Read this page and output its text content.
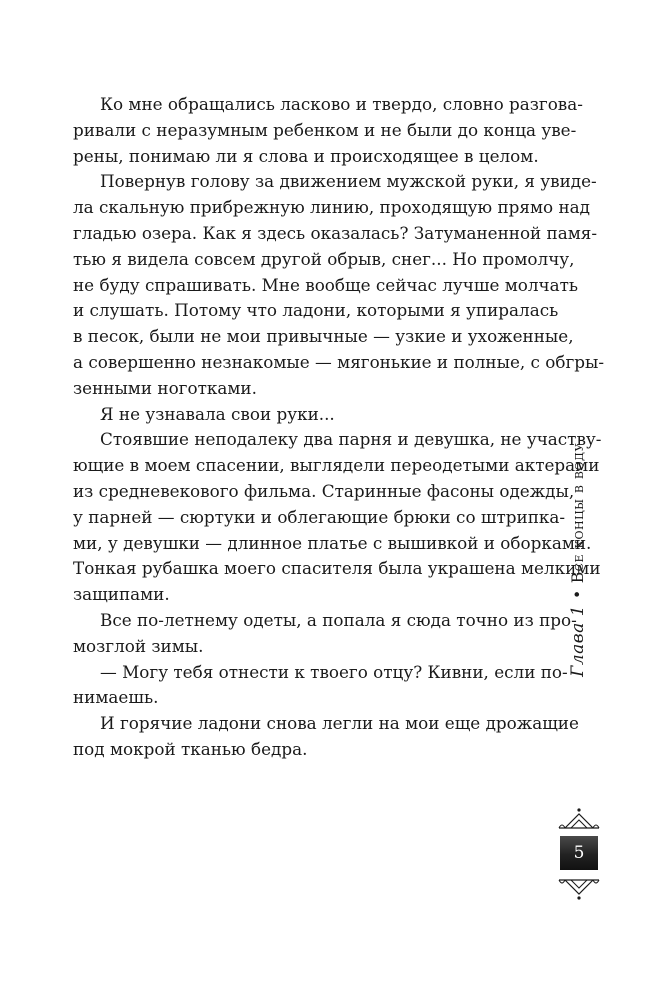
Ко мне обращались ласково и твердо, словно разгова-
ривали с неразумным ребенком и не были до конца уве-
рены, понимаю ли я слова и происходящее в целом.
Повернув голову за движением мужской руки, я увиде-
ла скальную прибрежную линию, проходящую прямо над
гладью озера. Как я здесь оказалась? Затуманенной памя-
тью я видела совсем другой обрыв, снег... Но промолчу,
не буду спрашивать. Мне вообще сейчас лучше молчать
и слушать. Потому что ладони, которыми я упиралась
в песок, были не мои привычные — узкие и ухоженные,
а совершенно незнакомые — мягонькие и полные, с обгры-
зенными ноготками.
Я не узнавала свои руки...
Стоявшие неподалеку два парня и девушка, не участву-
ющие в моем спасении, выглядели переодетыми актерами
из средневекового фильма. Старинные фасоны одежды,
у парней — сюртуки и облегающие брюки со штрипка-
ми, у девушки — длинное платье с вышивкой и оборками.
Тонкая рубашка моего спасителя была украшена мелкими
защипами.
Все по-летнему одеты, а попала я сюда точно из про-
мозглой зимы.
— Могу тебя отнести к твоего отцу? Кивни, если по-
нимаешь.
И горячие ладони снова легли на мои еще дрожащие
под мокрой тканью бедра.
Глава 1•Все концы в воду
5
